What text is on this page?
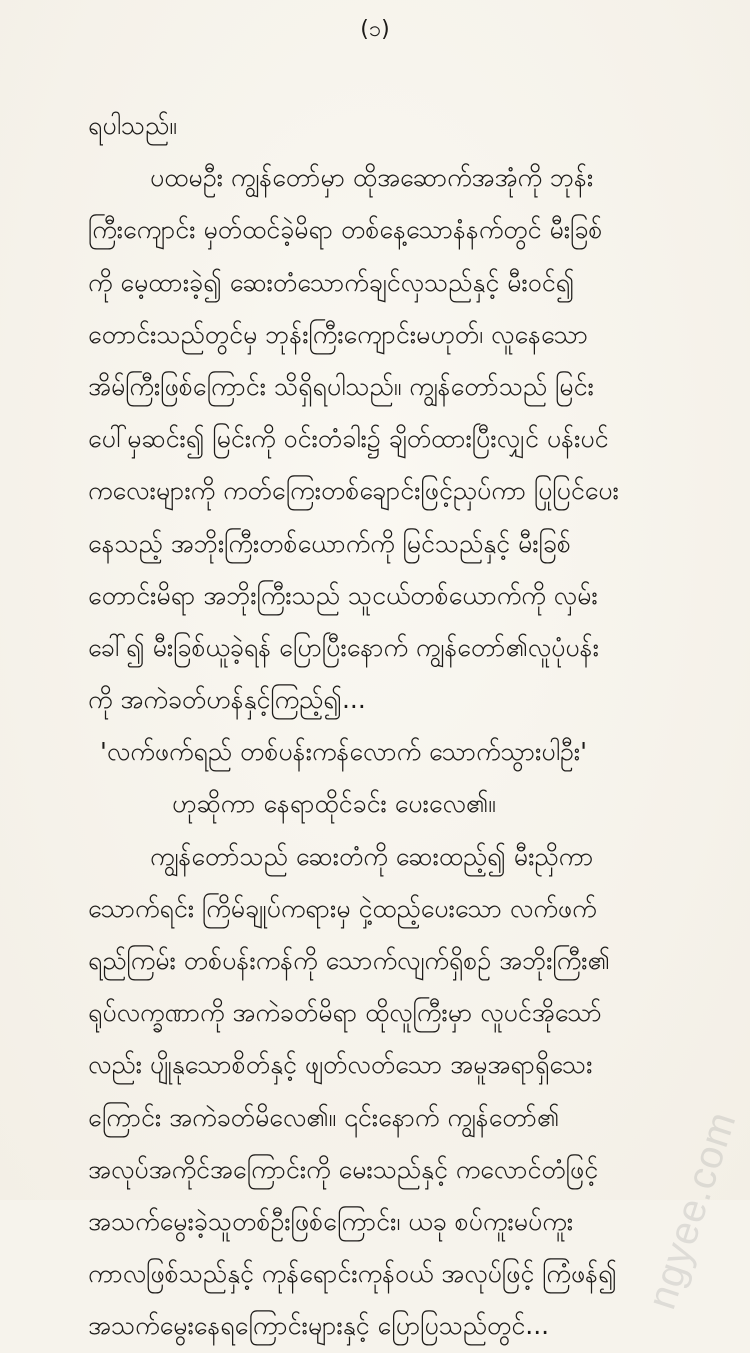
(၁)
ရပါသည်။
ပထမဦး ကျွန်တော်မှာ ထိုအဆောက်အအုံကို ဘုန်း
ကြီးကျောင်း မှတ်ထင်ခဲ့မိရာ တစ်နေ့သောနံနက်တွင် မီးခြစ်
ကို မေ့ထားခဲ့၍ ဆေးတံသောက်ချင်လှသည်နှင့် မီးဝင်၍
တောင်းသည်တွင်မှ ဘုန်းကြီးကျောင်းမဟုတ်၊ လူနေသော
အိမ်ကြီးဖြစ်ကြောင်း သိရှိရပါသည်။ ကျွန်တော်သည် မြင်း
ပေါ်မှဆင်း၍ မြင်းကို ဝင်းတံခါး၌ ချိတ်ထားပြီးလျှင် ပန်းပင်
ကလေးများကို ကတ်ကြေးတစ်ချောင်းဖြင့်ညှပ်ကာ ပြုပြင်ပေး
နေသည့် အဘိုးကြီးတစ်ယောက်ကို မြင်သည်နှင့် မီးခြစ်
တောင်းမိရာ အဘိုးကြီးသည် သူငယ်တစ်ယောက်ကို လှမ်း
ခေါ်၍ မီးခြစ်ယူခဲ့ရန် ပြောပြီးနောက် ကျွန်တော်၏လူပုံပန်း
ကို အကဲခတ်ဟန်နှင့်ကြည့်၍...
'လက်ဖက်ရည် တစ်ပန်းကန်လောက် သောက်သွားပါဦး'
ဟုဆိုကာ နေရာထိုင်ခင်း ပေးလေ၏။
ကျွန်တော်သည် ဆေးတံကို ဆေးထည့်၍ မီးညှိကာ
သောက်ရင်း ကြိမ်ချုပ်ကရားမှ ငှဲ့ထည့်ပေးသော လက်ဖက်
ရည်ကြမ်း တစ်ပန်းကန်ကို သောက်လျက်ရှိစဉ် အဘိုးကြီး၏
ရုပ်လက္ခဏာကို အကဲခတ်မိရာ ထိုလူကြီးမှာ လူပင်အိုသော်
လည်း ပျိုနုသောစိတ်နှင့် ဖျတ်လတ်သော အမူအရာရှိသေး
ကြောင်း အကဲခတ်မိလေ၏။ ၎င်းနောက် ကျွန်တော်၏
အလုပ်အကိုင်အကြောင်းကို မေးသည်နှင့် ကလောင်တံဖြင့်
အသက်မွေးခဲ့သူတစ်ဦးဖြစ်ကြောင်း၊ ယခု စပ်ကူးမပ်ကူး
ကာလဖြစ်သည်နှင့် ကုန်ရောင်းကုန်ဝယ် အလုပ်ဖြင့် ကြံဖန်၍
အသက်မွေးနေရကြောင်းများနှင့် ပြောပြသည်တွင်...
ngyee.com
